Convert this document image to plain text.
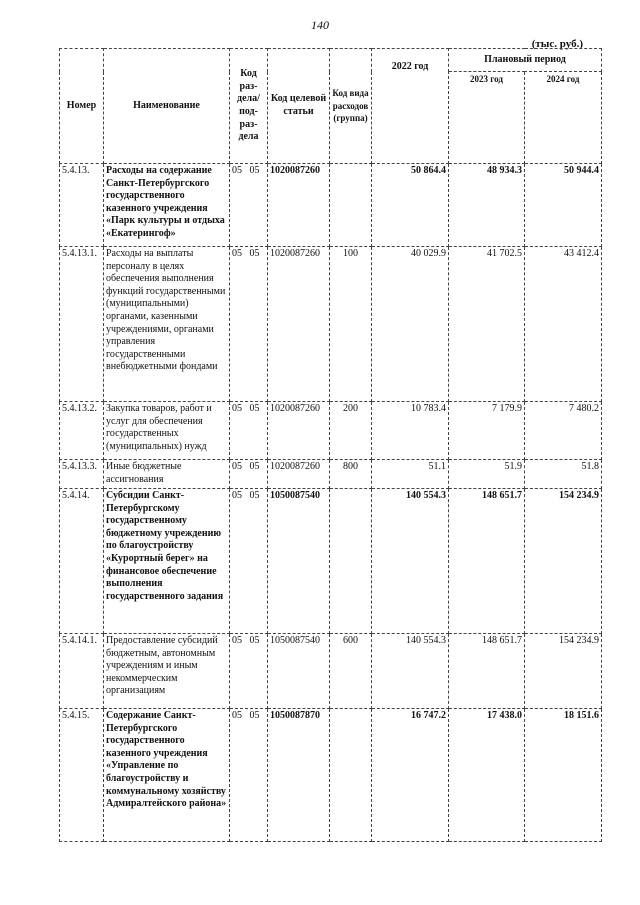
140
(тыс. руб.)
Номер	Наименование	Код раз- дела/ под- раз- дела	Код целевой статьи	Код вида расходов (группа)	2022 год	Плановый период	
						2023 год	2024 год
5.4.13.	Расходы на содержание Санкт-Петербургского государственного казенного учреждения «Парк культуры и отдыха «Екатерингоф»	05   05	1020087260		50 864.4	48 934.3	50 944.4
5.4.13.1.	Расходы на выплаты персоналу в целях обеспечения выполнения функций государственными (муниципальными) органами, казенными учреждениями, органами управления государственными внебюджетными фондами	05   05	1020087260	100	40 029.9	41 702.5	43 412.4
5.4.13.2.	Закупка товаров, работ и услуг для обеспечения государственных (муниципальных) нужд	05   05	1020087260	200	10 783.4	7 179.9	7 480.2
5.4.13.3.	Иные бюджетные ассигнования	05   05	1020087260	800	51.1	51.9	51.8
5.4.14.	Субсидии Санкт-Петербургскому государственному бюджетному учреждению по благоустройству «Курортный берег» на финансовое обеспечение выполнения государственного задания	05   05	1050087540		140 554.3	148 651.7	154 234.9
5.4.14.1.	Предоставление субсидий бюджетным, автономным учреждениям и иным некоммерческим организациям	05   05	1050087540	600	140 554.3	148 651.7	154 234.9
5.4.15.	Содержание Санкт-Петербургского государственного казенного учреждения «Управление по благоустройству и коммунальному хозяйству Адмиралтейского района»	05   05	1050087870		16 747.2	17 438.0	18 151.6
